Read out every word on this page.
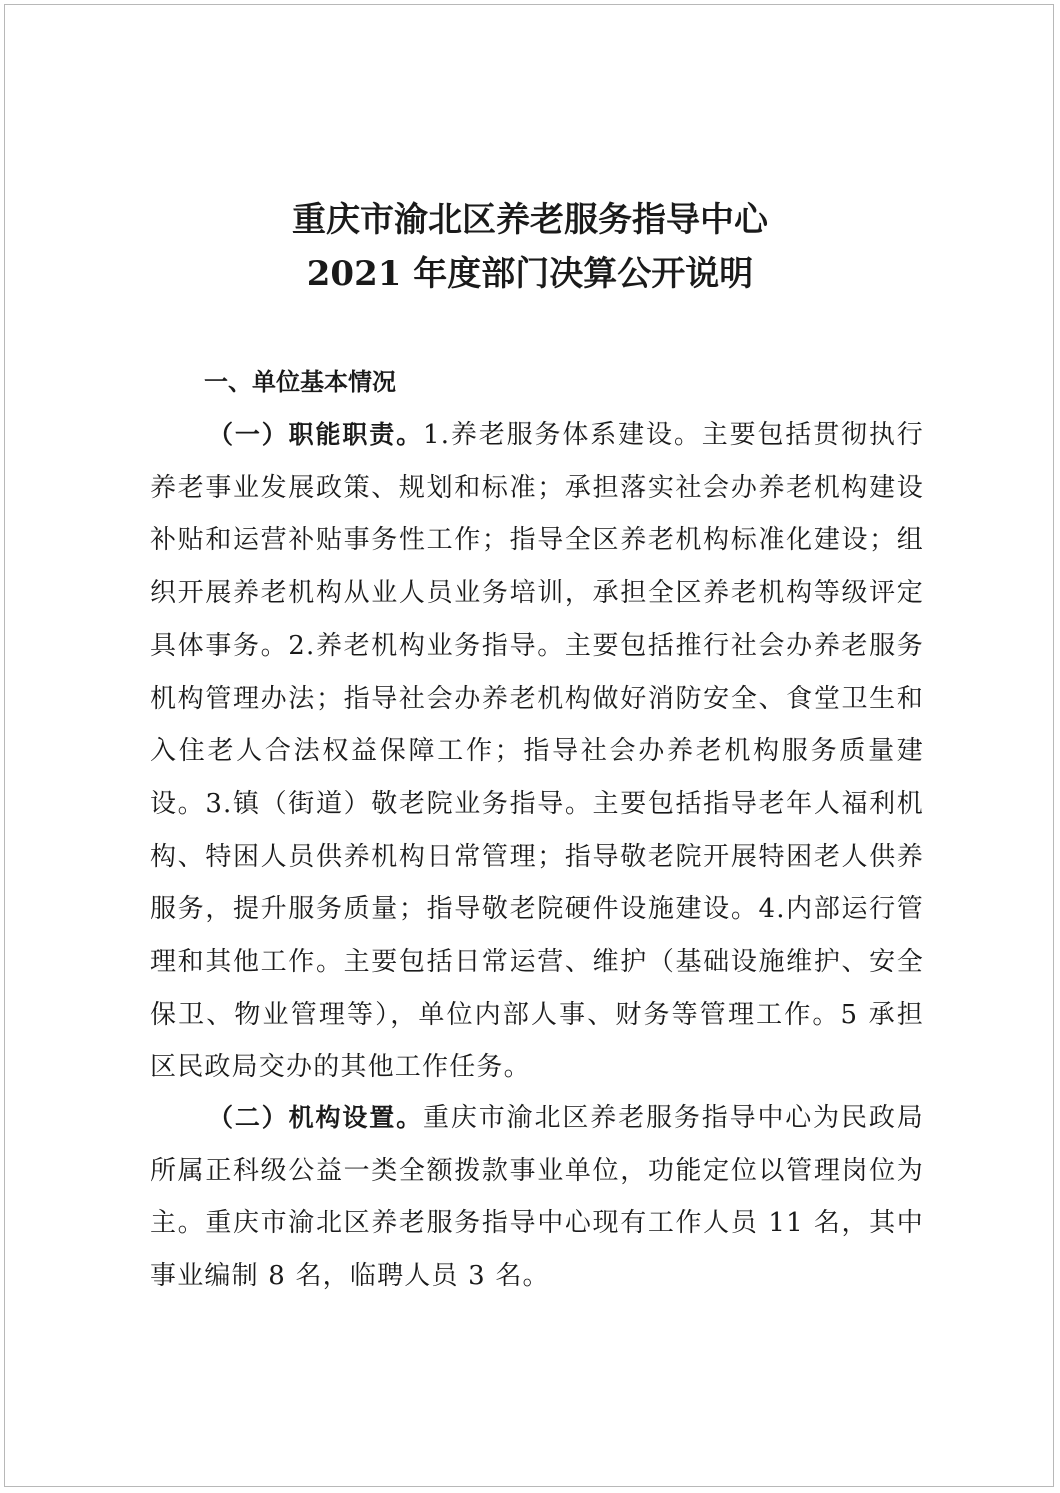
重庆市渝北区养老服务指导中心
2021 年度部门决算公开说明
一、单位基本情况
（一）职能职责。1.养老服务体系建设。主要包括贯彻执行养老事业发展政策、规划和标准；承担落实社会办养老机构建设补贴和运营补贴事务性工作；指导全区养老机构标准化建设；组织开展养老机构从业人员业务培训，承担全区养老机构等级评定具体事务。2.养老机构业务指导。主要包括推行社会办养老服务机构管理办法；指导社会办养老机构做好消防安全、食堂卫生和入住老人合法权益保障工作；指导社会办养老机构服务质量建设。3.镇（街道）敬老院业务指导。主要包括指导老年人福利机构、特困人员供养机构日常管理；指导敬老院开展特困老人供养服务，提升服务质量；指导敬老院硬件设施建设。4.内部运行管理和其他工作。主要包括日常运营、维护（基础设施维护、安全保卫、物业管理等），单位内部人事、财务等管理工作。5 承担区民政局交办的其他工作任务。
（二）机构设置。重庆市渝北区养老服务指导中心为民政局所属正科级公益一类全额拨款事业单位，功能定位以管理岗位为主。重庆市渝北区养老服务指导中心现有工作人员 11 名，其中事业编制 8 名，临聘人员 3 名。
